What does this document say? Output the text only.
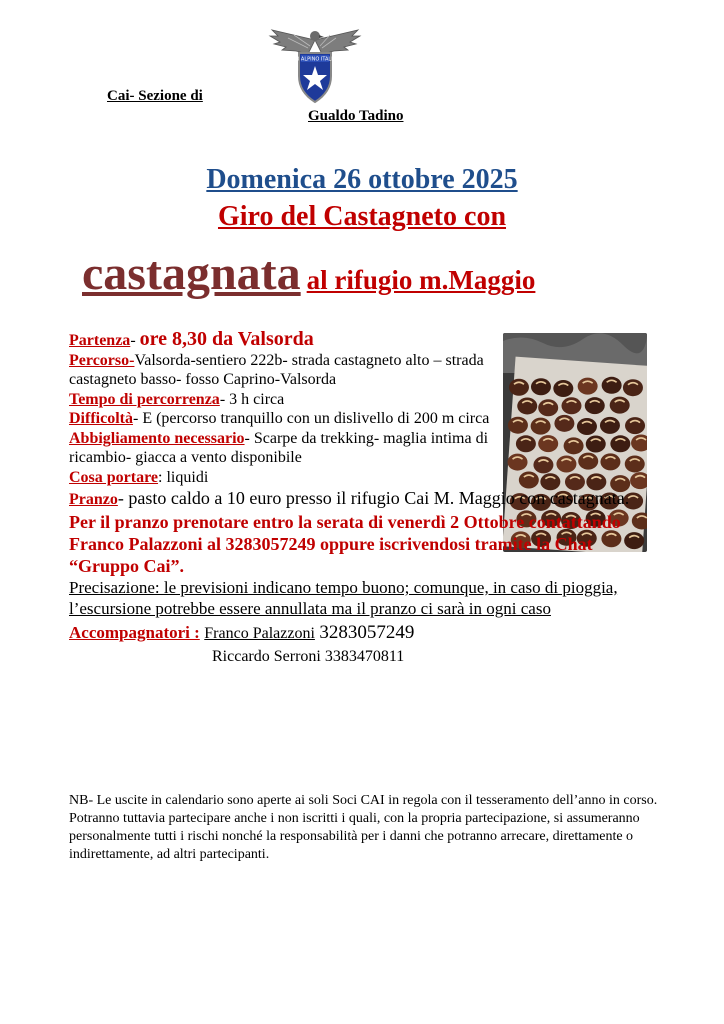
CLUB ALPINO ITALIANO
Cai- Sezione di
Gualdo Tadino
Domenica 26 ottobre 2025
Giro del Castagneto con
castagnata al rifugio m.Maggio

Partenza- ore 8,30 da Valsorda

Percorso-Valsorda-sentiero 222b- strada castagneto alto – strada castagneto basso- fosso Caprino-Valsorda

Tempo di percorrenza- 3 h circa

Difficoltà- E (percorso tranquillo con un dislivello di 200 m circa

Abbigliamento necessario- Scarpe da trekking- maglia intima di ricambio- giacca a vento disponibile

Cosa portare: liquidi

Pranzo- pasto caldo a 10 euro presso il rifugio Cai M. Maggio con castagnata. Per il pranzo prenotare entro la serata di venerdì 2 Ottobre contattando Franco Palazzoni al 3283057249 oppure iscrivendosi tramite la Chat “Gruppo Cai”.

Precisazione: le previsioni indicano tempo buono; comunque, in caso di pioggia, l’escursione potrebbe essere annullata ma il pranzo ci sarà in ogni caso

Accompagnatori : Franco Palazzoni 3283057249

Riccardo Serroni 3383470811

NB- Le uscite in calendario sono aperte ai soli Soci CAI in regola con il tesseramento dell’anno in corso. Potranno tuttavia partecipare anche i non iscritti i quali, con la propria partecipazione, si assumeranno personalmente tutti i rischi nonché la responsabilità per i danni che potranno arrecare, direttamente o indirettamente, ad altri partecipanti.
